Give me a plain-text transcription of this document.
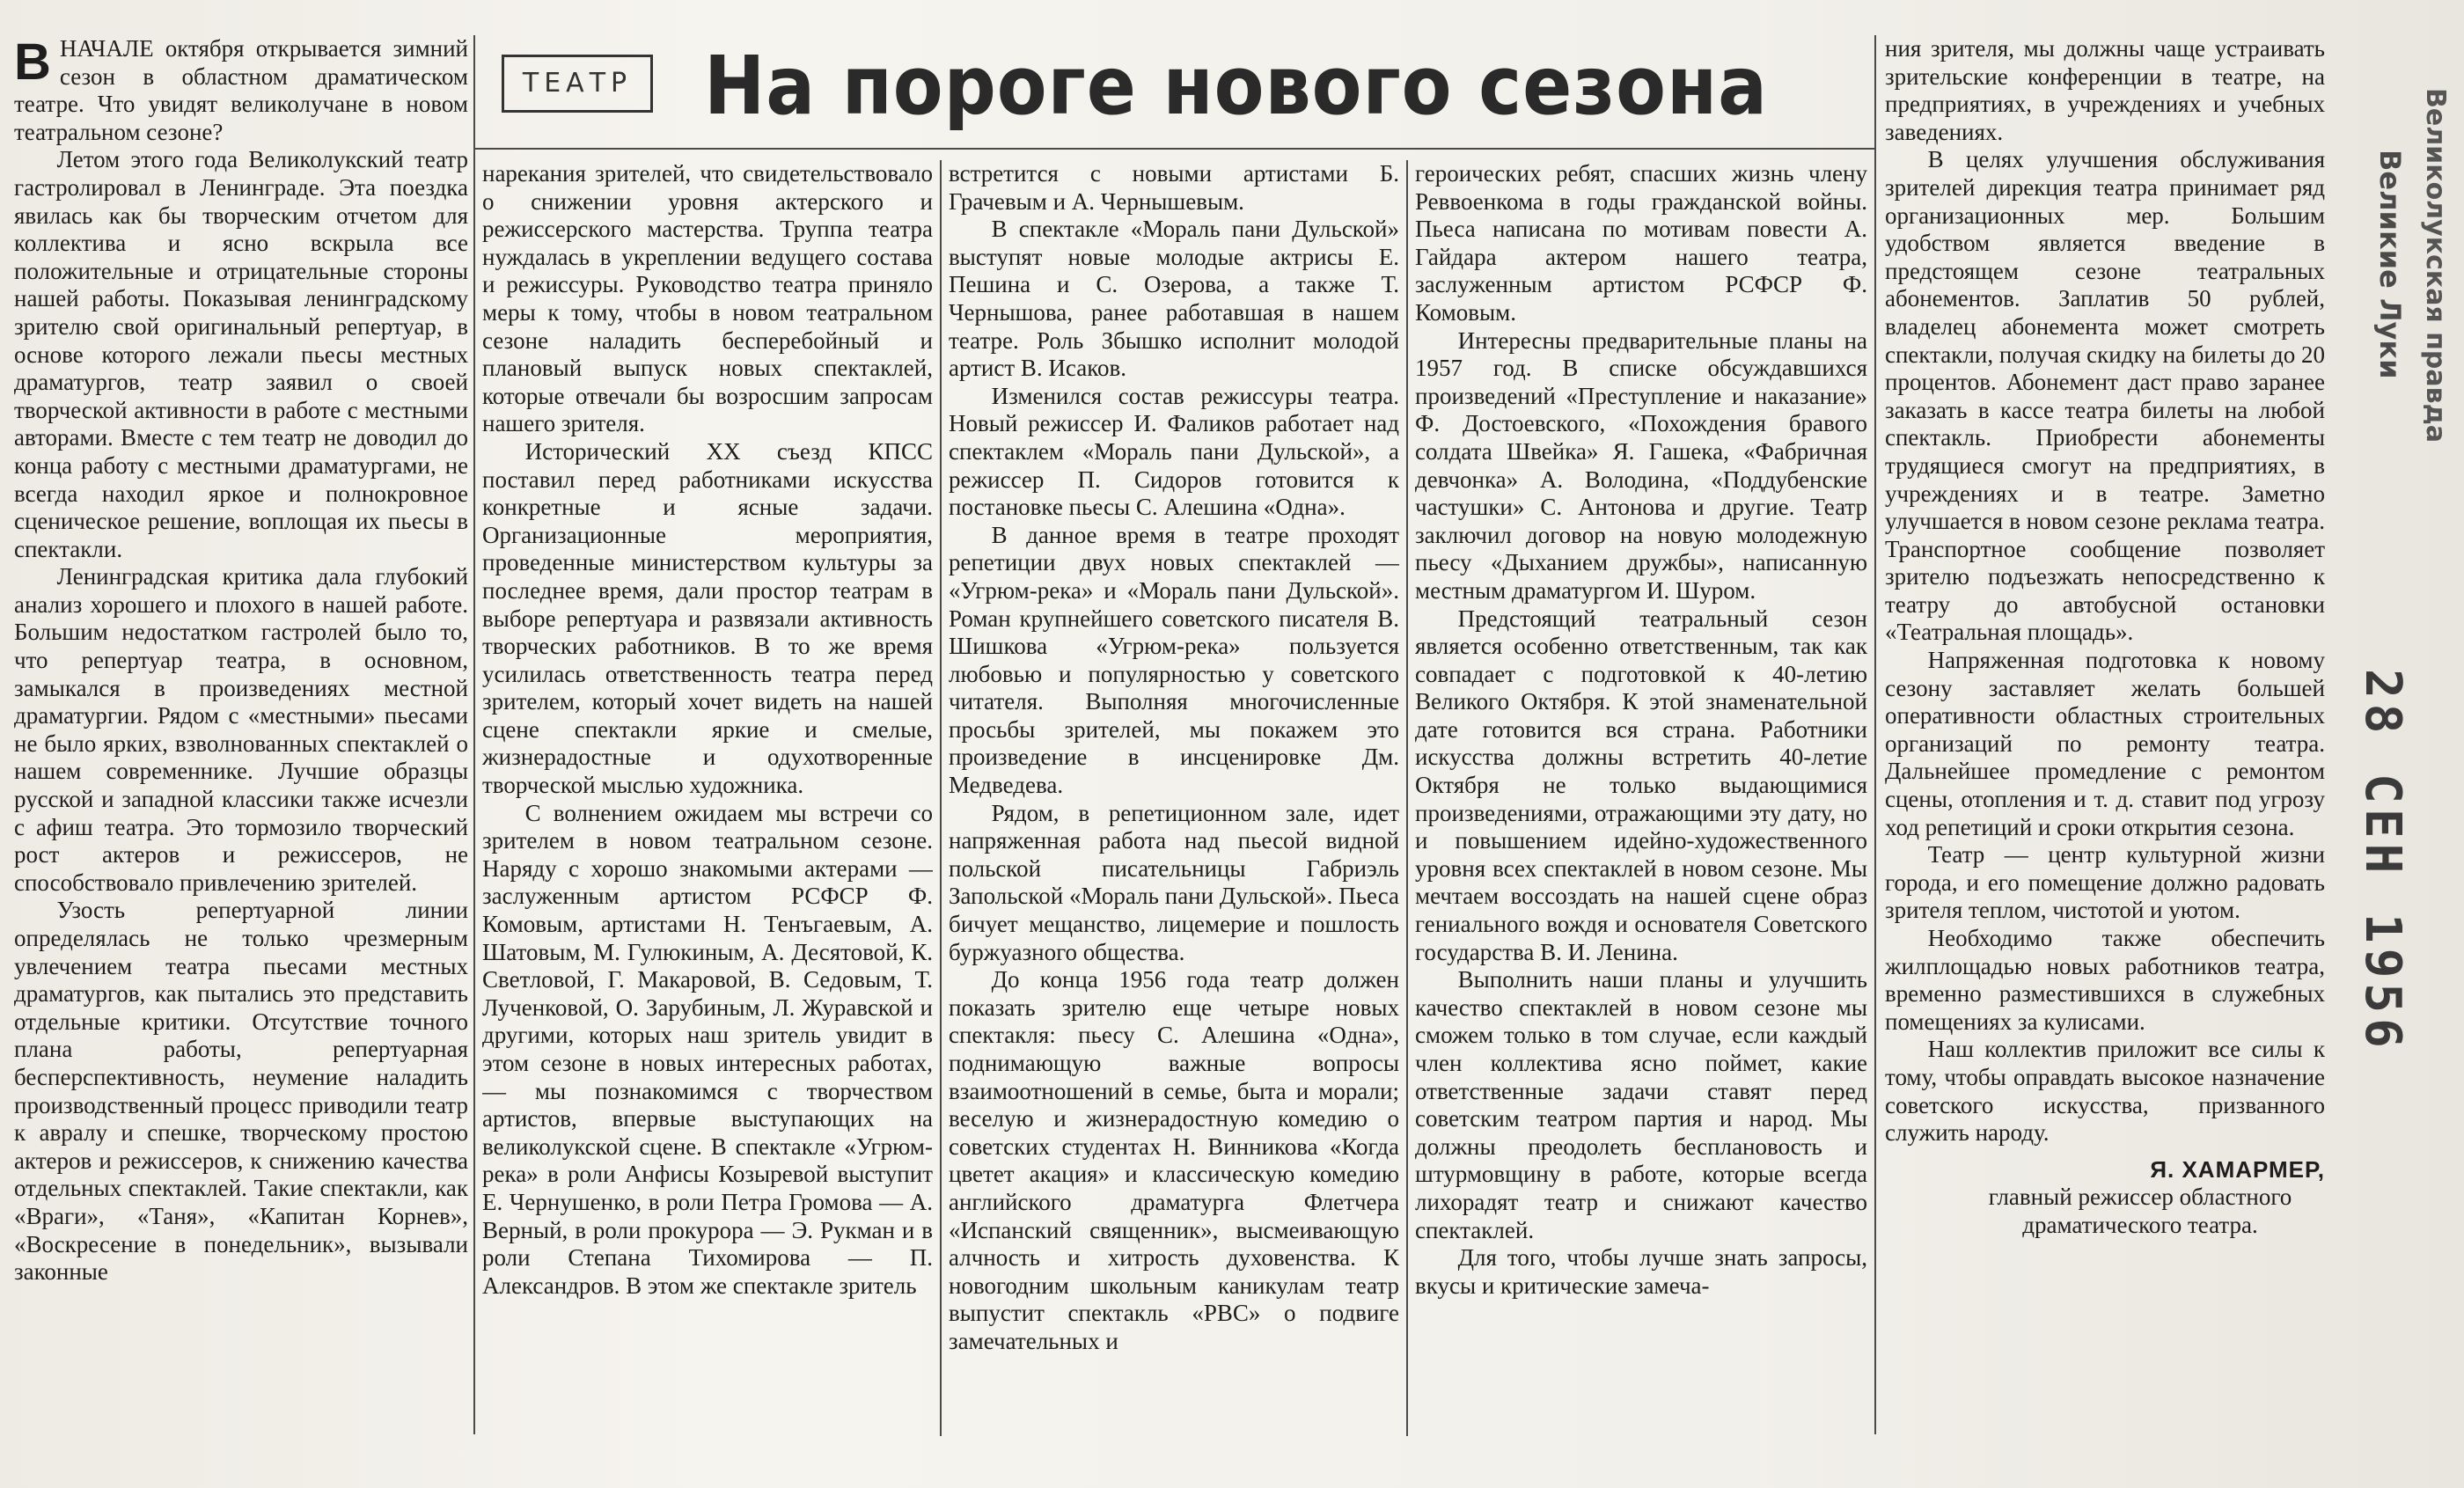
ТЕАТР На пороге нового сезона

ВНАЧАЛЕ октября открывается зимний сезон в областном драматическом театре. Что увидят великолучане в новом театральном сезоне?

Летом этого года Великолукский театр гастролировал в Ленинграде. Эта поездка явилась как бы творческим отчетом для коллектива и ясно вскрыла все положительные и отрицательные стороны нашей работы. Показывая ленинградскому зрителю свой оригинальный репертуар, в основе которого лежали пьесы местных драматургов, театр заявил о своей творческой активности в работе с местными авторами. Вместе с тем театр не доводил до конца работу с местными драматургами, не всегда находил яркое и полнокровное сценическое решение, воплощая их пьесы в спектакли.

Ленинградская критика дала глубокий анализ хорошего и плохого в нашей работе. Большим недостатком гастролей было то, что репертуар театра, в основном, замыкался в произведениях местной драматургии. Рядом с «местными» пьесами не было ярких, взволнованных спектаклей о нашем современнике. Лучшие образцы русской и западной классики также исчезли с афиш театра. Это тормозило творческий рост актеров и режиссеров, не способствовало привлечению зрителей.

Узость репертуарной линии определялась не только чрезмерным увлечением театра пьесами местных драматургов, как пытались это представить отдельные критики. Отсутствие точного плана работы, репертуарная бесперспективность, неумение наладить производственный процесс приводили театр к авралу и спешке, творческому простою актеров и режиссеров, к снижению качества отдельных спектаклей. Такие спектакли, как «Враги», «Таня», «Капитан Корнев», «Воскресение в понедельник», вызывали законные

нарекания зрителей, что свидетельствовало о снижении уровня актерского и режиссерского мастерства. Труппа театра нуждалась в укреплении ведущего состава и режиссуры. Руководство театра приняло меры к тому, чтобы в новом театральном сезоне наладить бесперебойный и плановый выпуск новых спектаклей, которые отвечали бы возросшим запросам нашего зрителя.

Исторический XX съезд КПСС поставил перед работниками искусства конкретные и ясные задачи. Организационные мероприятия, проведенные министерством культуры за последнее время, дали простор театрам в выборе репертуара и развязали активность творческих работников. В то же время усилилась ответственность театра перед зрителем, который хочет видеть на нашей сцене спектакли яркие и смелые, жизнерадостные и одухотворенные творческой мыслью художника.

С волнением ожидаем мы встречи со зрителем в новом театральном сезоне. Наряду с хорошо знакомыми актерами — заслуженным артистом РСФСР Ф. Комовым, артистами Н. Тенъгаевым, А. Шатовым, М. Гулюкиным, А. Десятовой, К. Светловой, Г. Макаровой, В. Седовым, Т. Лученковой, О. Зарубиным, Л. Журавской и другими, которых наш зритель увидит в этом сезоне в новых интересных работах, — мы познакомимся с творчеством артистов, впервые выступающих на великолукской сцене. В спектакле «Угрюм-река» в роли Анфисы Козыревой выступит Е. Чернушенко, в роли Петра Громова — А. Верный, в роли прокурора — Э. Рукман и в роли Степана Тихомирова — П. Александров. В этом же спектакле зритель

встретится с новыми артистами Б. Грачевым и А. Чернышевым.

В спектакле «Мораль пани Дульской» выступят новые молодые актрисы Е. Пешина и С. Озерова, а также Т. Чернышова, ранее работавшая в нашем театре. Роль Збышко исполнит молодой артист В. Исаков.

Изменился состав режиссуры театра. Новый режиссер И. Фаликов работает над спектаклем «Мораль пани Дульской», а режиссер П. Сидоров готовится к постановке пьесы С. Алешина «Одна».

В данное время в театре проходят репетиции двух новых спектаклей — «Угрюм-река» и «Мораль пани Дульской». Роман крупнейшего советского писателя В. Шишкова «Угрюм-река» пользуется любовью и популярностью у советского читателя. Выполняя многочисленные просьбы зрителей, мы покажем это произведение в инсценировке Дм. Медведева.

Рядом, в репетиционном зале, идет напряженная работа над пьесой видной польской писательницы Габриэль Запольской «Мораль пани Дульской». Пьеса бичует мещанство, лицемерие и пошлость буржуазного общества.

До конца 1956 года театр должен показать зрителю еще четыре новых спектакля: пьесу С. Алешина «Одна», поднимающую важные вопросы взаимоотношений в семье, быта и морали; веселую и жизнерадостную комедию о советских студентах Н. Винникова «Когда цветет акация» и классическую комедию английского драматурга Флетчера «Испанский священник», высмеивающую алчность и хитрость духовенства. К новогодним школьным каникулам театр выпустит спектакль «РВС» о подвиге замечательных и

героических ребят, спасших жизнь члену Реввоенкома в годы гражданской войны. Пьеса написана по мотивам повести А. Гайдара актером нашего театра, заслуженным артистом РСФСР Ф. Комовым.

Интересны предварительные планы на 1957 год. В списке обсуждавшихся произведений «Преступление и наказание» Ф. Достоевского, «Похождения бравого солдата Швейка» Я. Гашека, «Фабричная девчонка» А. Володина, «Поддубенские частушки» С. Антонова и другие. Театр заключил договор на новую молодежную пьесу «Дыханием дружбы», написанную местным драматургом И. Шуром.

Предстоящий театральный сезон является особенно ответственным, так как совпадает с подготовкой к 40-летию Великого Октября. К этой знаменательной дате готовится вся страна. Работники искусства должны встретить 40-летие Октября не только выдающимися произведениями, отражающими эту дату, но и повышением идейно-художественного уровня всех спектаклей в новом сезоне. Мы мечтаем воссоздать на нашей сцене образ гениального вождя и основателя Советского государства В. И. Ленина.

Выполнить наши планы и улучшить качество спектаклей в новом сезоне мы сможем только в том случае, если каждый член коллектива ясно поймет, какие ответственные задачи ставят перед советским театром партия и народ. Мы должны преодолеть бесплановость и штурмовщину в работе, которые всегда лихорадят театр и снижают качество спектаклей.

Для того, чтобы лучше знать запросы, вкусы и критические замеча-

ния зрителя, мы должны чаще устраивать зрительские конференции в театре, на предприятиях, в учреждениях и учебных заведениях.

В целях улучшения обслуживания зрителей дирекция театра принимает ряд организационных мер. Большим удобством является введение в предстоящем сезоне театральных абонементов. Заплатив 50 рублей, владелец абонемента может смотреть спектакли, получая скидку на билеты до 20 процентов. Абонемент даст право заранее заказать в кассе театра билеты на любой спектакль. Приобрести абонементы трудящиеся смогут на предприятиях, в учреждениях и в театре. Заметно улучшается в новом сезоне реклама театра. Транспортное сообщение позволяет зрителю подъезжать непосредственно к театру до автобусной остановки «Театральная площадь».

Напряженная подготовка к новому сезону заставляет желать большей оперативности областных строительных организаций по ремонту театра. Дальнейшее промедление с ремонтом сцены, отопления и т. д. ставит под угрозу ход репетиций и сроки открытия сезона.

Театр — центр культурной жизни города, и его помещение должно радовать зрителя теплом, чистотой и уютом.

Необходимо также обеспечить жилплощадью новых работников театра, временно разместившихся в служебных помещениях за кулисами.

Наш коллектив приложит все силы к тому, чтобы оправдать высокое назначение советского искусства, призванного служить народу.

Я. ХАМАРМЕР,

главный режиссер областного драматического театра.

Великолукская правда
Великие Луки
28 СЕН 1956
